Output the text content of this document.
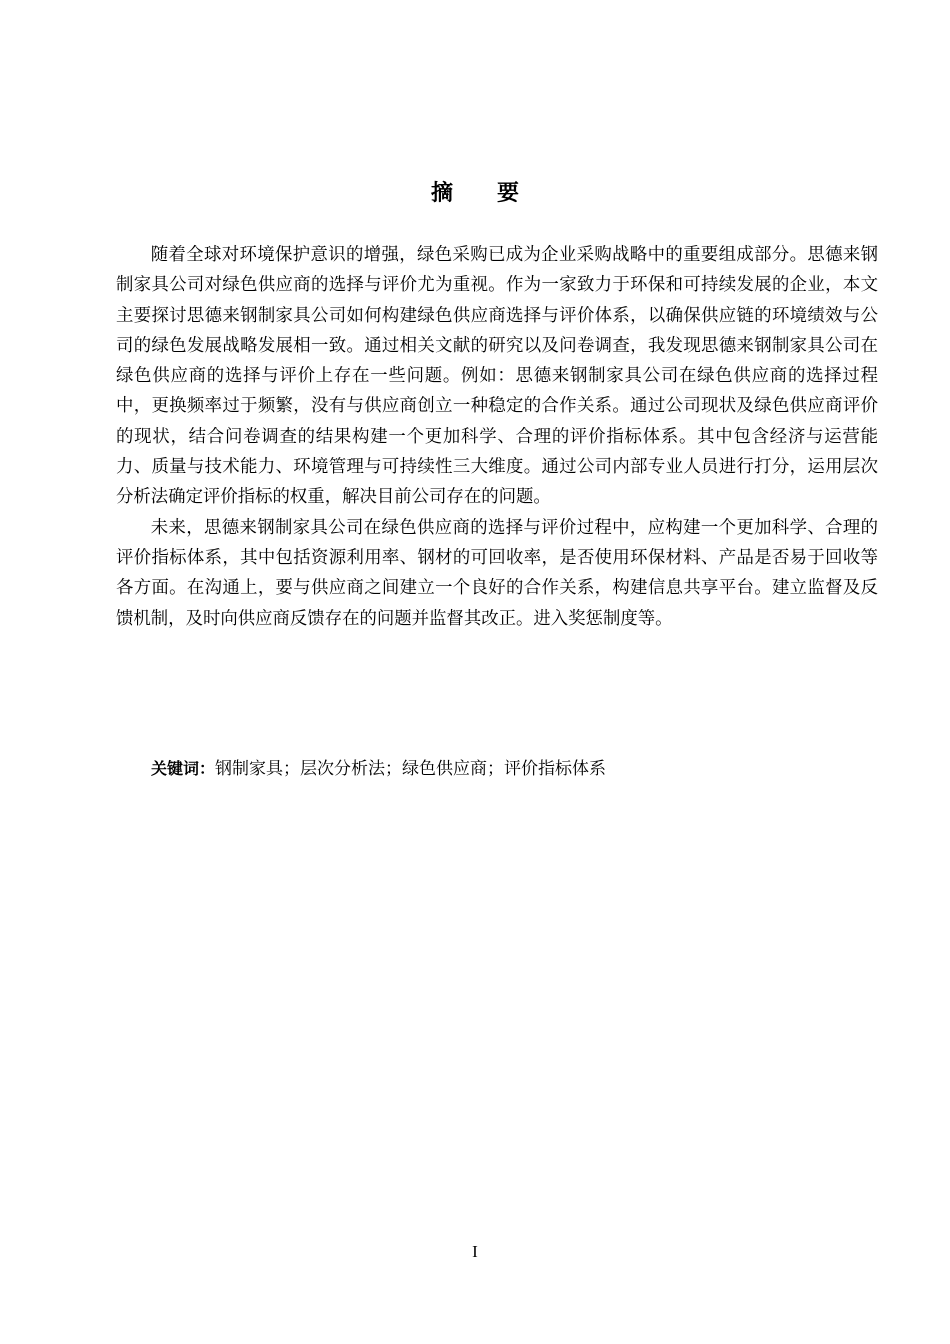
摘 要

随着全球对环境保护意识的增强，绿色采购已成为企业采购战略中的重要组成部分。思德来钢制家具公司对绿色供应商的选择与评价尤为重视。作为一家致力于环保和可持续发展的企业，本文主要探讨思德来钢制家具公司如何构建绿色供应商选择与评价体系，以确保供应链的环境绩效与公司的绿色发展战略发展相一致。通过相关文献的研究以及问卷调查，我发现思德来钢制家具公司在绿色供应商的选择与评价上存在一些问题。例如：思德来钢制家具公司在绿色供应商的选择过程中，更换频率过于频繁，没有与供应商创立一种稳定的合作关系。通过公司现状及绿色供应商评价的现状，结合问卷调查的结果构建一个更加科学、合理的评价指标体系。其中包含经济与运营能力、质量与技术能力、环境管理与可持续性三大维度。通过公司内部专业人员进行打分，运用层次分析法确定评价指标的权重，解决目前公司存在的问题。

未来，思德来钢制家具公司在绿色供应商的选择与评价过程中，应构建一个更加科学、合理的评价指标体系，其中包括资源利用率、钢材的可回收率，是否使用环保材料、产品是否易于回收等各方面。在沟通上，要与供应商之间建立一个良好的合作关系，构建信息共享平台。建立监督及反馈机制，及时向供应商反馈存在的问题并监督其改正。进入奖惩制度等。

关键词：钢制家具；层次分析法；绿色供应商；评价指标体系
I
